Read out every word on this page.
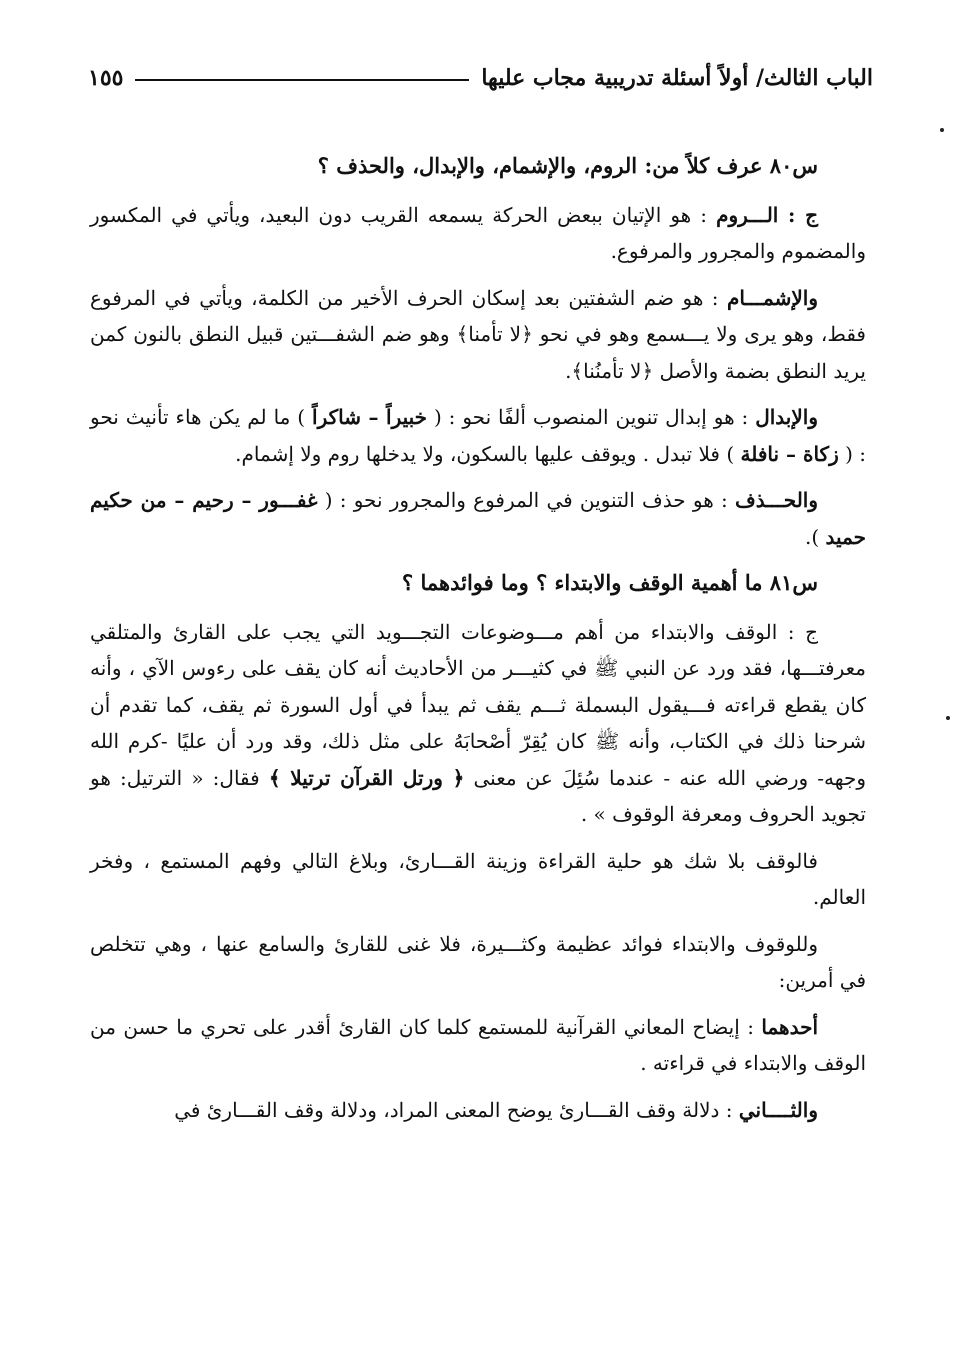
الباب الثالث/ أولاً أسئلة تدريبية مجاب عليها
١٥٥

س٨٠ عرف كلاً من: الروم، والإشمام، والإبدال، والحذف ؟

ج : الـــروم : هو الإتيان ببعض الحركة يسمعه القريب دون البعيد، ويأتي في المكسور والمضموم والمجرور والمرفوع.

والإشمـــام : هو ضم الشفتين بعد إسكان الحرف الأخير من الكلمة، ويأتي في المرفوع فقط، وهو يرى ولا يـــسمع وهو في نحو ﴿لا تأمنا﴾ وهو ضم الشفـــتين قبيل النطق بالنون كمن يريد النطق بضمة والأصل ﴿لا تأمنُنا﴾.

والإبدال : هو إبدال تنوين المنصوب ألفًا نحو : ( خبيراً – شاكراً ) ما لم يكن هاء تأنيث نحو : ( زكاة – نافلة ) فلا تبدل . ويوقف عليها بالسكون، ولا يدخلها روم ولا إشمام.

والحـــذف : هو حذف التنوين في المرفوع والمجرور نحو : ( غفـــور – رحيم – من حكيم حميد ).

س٨١ ما أهمية الوقف والابتداء ؟ وما فوائدهما ؟

ج : الوقف والابتداء من أهم مـــوضوعات التجـــويد التي يجب على القارئ والمتلقي معرفتـــها، فقد ورد عن النبي ﷺ في كثيـــر من الأحاديث أنه كان يقف على رءوس الآي ، وأنه كان يقطع قراءته فـــيقول البسملة ثـــم يقف ثم يبدأ في أول السورة ثم يقف، كما تقدم أن شرحنا ذلك في الكتاب، وأنه ﷺ كان يُقِرّ أصْحابَهُ على مثل ذلك، وقد ورد أن عليًا -كرم الله وجهه- ورضي الله عنه - عندما سُئِلَ عن معنى ﴿ ورتل القرآن ترتيلا ﴾ فقال: « الترتيل: هو تجويد الحروف ومعرفة الوقوف » .

فالوقف بلا شك هو حلية القراءة وزينة القـــارئ، وبلاغ التالي وفهم المستمع ، وفخر العالم.

وللوقوف والابتداء فوائد عظيمة وكثـــيرة، فلا غنى للقارئ والسامع عنها ، وهي تتخلص في أمرين:

أحدهما : إيضاح المعاني القرآنية للمستمع كلما كان القارئ أقدر على تحري ما حسن من الوقف والابتداء في قراءته .

والثــــاني : دلالة وقف القـــارئ يوضح المعنى المراد، ودلالة وقف القـــارئ في
